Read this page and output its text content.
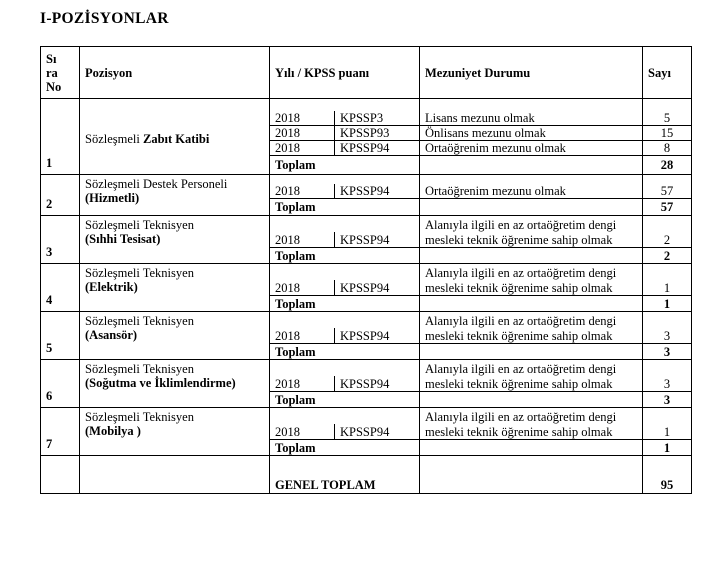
I-POZİSYONLAR
Sı
ra
No	Pozisyon	Yılı / KPSS puanı		Mezuniyet Durumu	Sayı
1	Sözleşmeli Zabıt Katibi				

		2018	KPSSP3	Lisans mezunu olmak	5
		2018	KPSSP93	Önlisans mezunu olmak	15
		2018	KPSSP94	Ortaöğrenim mezunu olmak	8
		Toplam			28
2	Sözleşmeli Destek Personeli
(Hizmetli)				

		2018	KPSSP94	Ortaöğrenim mezunu olmak	57
		Toplam			57
3	Sözleşmeli Teknisyen
(Sıhhi Tesisat)			Alanıyla ilgili en az ortaöğretim dengi	

		2018	KPSSP94	mesleki teknik öğrenime sahip olmak	2
		Toplam			2
4	Sözleşmeli Teknisyen
(Elektrik)			Alanıyla ilgili en az ortaöğretim dengi	

		2018	KPSSP94	mesleki teknik öğrenime sahip olmak	1
		Toplam			1
5	Sözleşmeli Teknisyen
(Asansör)			Alanıyla ilgili en az ortaöğretim dengi	

		2018	KPSSP94	mesleki teknik öğrenime sahip olmak	3
		Toplam			3
6	Sözleşmeli Teknisyen
(Soğutma ve İklimlendirme)			Alanıyla ilgili en az ortaöğretim dengi	

		2018	KPSSP94	mesleki teknik öğrenime sahip olmak	3
		Toplam			3
7	Sözleşmeli Teknisyen
(Mobilya )			Alanıyla ilgili en az ortaöğretim dengi	

		2018	KPSSP94	mesleki teknik öğrenime sahip olmak	1
		Toplam			1

		GENEL TOPLAM			95
